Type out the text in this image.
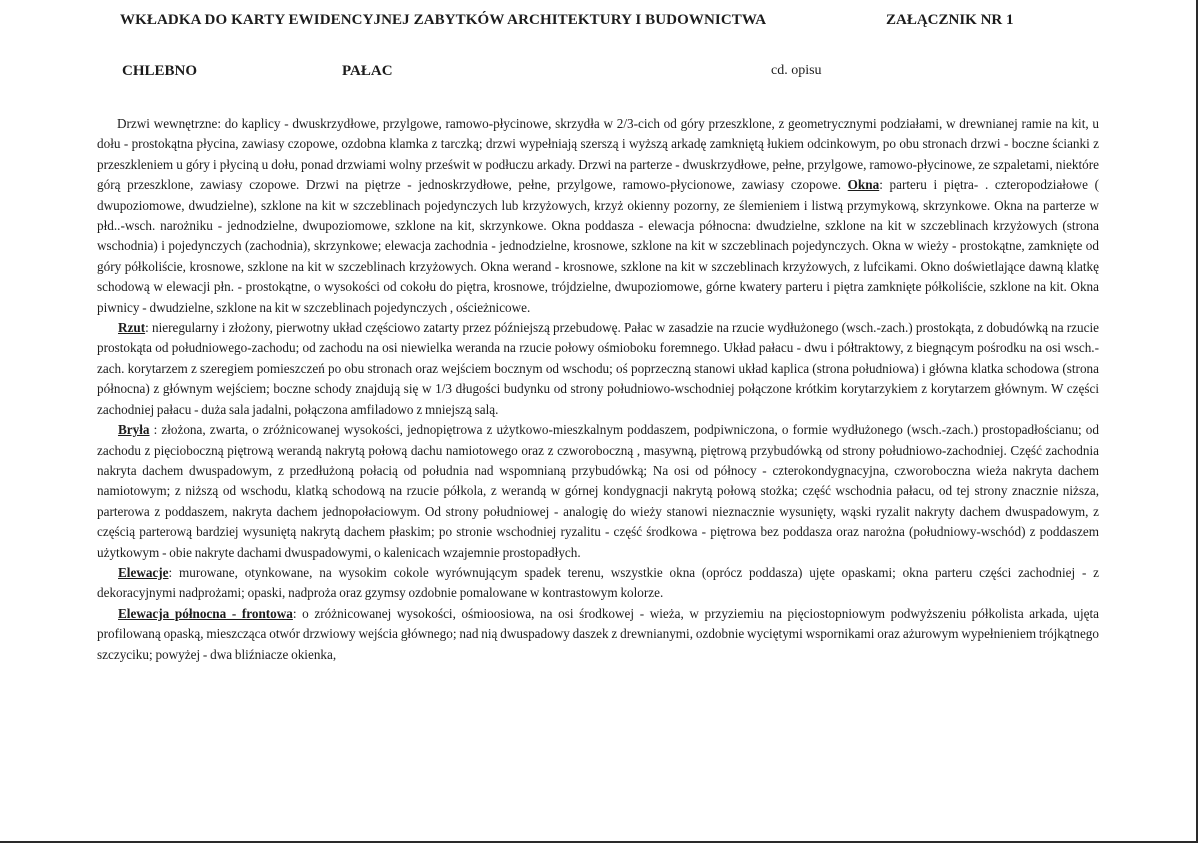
WKŁADKA DO KARTY EWIDENCYJNEJ ZABYTKÓW ARCHITEKTURY I BUDOWNICTWA	ZAŁĄCZNIK NR 1
CHLEBNO	PAŁAC	cd. opisu

Drzwi wewnętrzne: do kaplicy - dwuskrzydłowe, przylgowe, ramowo-płycinowe, skrzydła w 2/3-cich od góry przeszklone, z geometrycznymi podziałami, w drewnianej ramie na kit, u dołu - prostokątna płycina, zawiasy czopowe, ozdobna klamka z tarczką; drzwi wypełniają szerszą i wyższą arkadę zamkniętą łukiem odcinkowym, po obu stronach drzwi - boczne ścianki z przeszkleniem u góry i płyciną u dołu, ponad drzwiami wolny prześwit w podłuczu arkady. Drzwi na parterze - dwuskrzydłowe, pełne, przylgowe, ramowo-płycinowe, ze szpaletami, niektóre górą przeszklone, zawiasy czopowe. Drzwi na piętrze - jednoskrzydłowe, pełne, przylgowe, ramowo-płycionowe, zawiasy czopowe. Okna: parteru i piętra- . czteropodziałowe ( dwupoziomowe, dwudzielne), szklone na kit w szczeblinach pojedynczych lub krzyżowych, krzyż okienny pozorny, ze ślemieniem i listwą przymykową, skrzynkowe. Okna na parterze w płd..-wsch. narożniku - jednodzielne, dwupoziomowe, szklone na kit, skrzynkowe. Okna poddasza - elewacja północna: dwudzielne, szklone na kit w szczeblinach krzyżowych (strona wschodnia) i pojedynczych (zachodnia), skrzynkowe; elewacja zachodnia - jednodzielne, krosnowe, szklone na kit w szczeblinach pojedynczych. Okna w wieży - prostokątne, zamknięte od góry półkoliście, krosnowe, szklone na kit w szczeblinach krzyżowych. Okna werand - krosnowe, szklone na kit w szczeblinach krzyżowych, z lufcikami. Okno doświetlające dawną klatkę schodową w elewacji płn. - prostokątne, o wysokości od cokołu do piętra, krosnowe, trójdzielne, dwupoziomowe, górne kwatery parteru i piętra zamknięte półkoliście, szklone na kit. Okna piwnicy - dwudzielne, szklone na kit w szczeblinach pojedynczych , ościeżnicowe.

Rzut: nieregularny i złożony, pierwotny układ częściowo zatarty przez późniejszą przebudowę. Pałac w zasadzie na rzucie wydłużonego (wsch.-zach.) prostokąta, z dobudówką na rzucie prostokąta od południowego-zachodu; od zachodu na osi niewielka weranda na rzucie połowy ośmioboku foremnego. Układ pałacu - dwu i półtraktowy, z biegnącym pośrodku na osi wsch.-zach. korytarzem z szeregiem pomieszczeń po obu stronach oraz wejściem bocznym od wschodu; oś poprzeczną stanowi układ kaplica (strona południowa) i główna klatka schodowa (strona północna) z głównym wejściem; boczne schody znajdują się w 1/3 długości budynku od strony południowo-wschodniej połączone krótkim korytarzykiem z korytarzem głównym. W części zachodniej pałacu - duża sala jadalni, połączona amfiladowo z mniejszą salą.

Bryła : złożona, zwarta, o zróżnicowanej wysokości, jednopiętrowa z użytkowo-mieszkalnym poddaszem, podpiwniczona, o formie wydłużonego (wsch.-zach.) prostopadłościanu; od zachodu z pięcioboczną piętrową werandą nakrytą połową dachu namiotowego oraz z czworoboczną , masywną, piętrową przybudówką od strony południowo-zachodniej. Część zachodnia nakryta dachem dwuspadowym, z przedłużoną połacią od południa nad wspomnianą przybudówką; Na osi od północy - czterokondygnacyjna, czworoboczna wieża nakryta dachem namiotowym; z niższą od wschodu, klatką schodową na rzucie półkola, z werandą w górnej kondygnacji nakrytą połową stożka; część wschodnia pałacu, od tej strony znacznie niższa, parterowa z poddaszem, nakryta dachem jednopołaciowym. Od strony południowej - analogię do wieży stanowi nieznacznie wysunięty, wąski ryzalit nakryty dachem dwuspadowym, z częścią parterową bardziej wysuniętą nakrytą dachem płaskim; po stronie wschodniej ryzalitu - część środkowa - piętrowa bez poddasza oraz narożna (południowy-wschód) z poddaszem użytkowym - obie nakryte dachami dwuspadowymi, o kalenicach wzajemnie prostopadłych.

Elewacje: murowane, otynkowane, na wysokim cokole wyrównującym spadek terenu, wszystkie okna (oprócz poddasza) ujęte opaskami; okna parteru części zachodniej - z dekoracyjnymi nadprożami; opaski, nadproża oraz gzymsy ozdobnie pomalowane w kontrastowym kolorze.

Elewacja północna - frontowa: o zróżnicowanej wysokości, ośmioosiowa, na osi środkowej - wieża, w przyziemiu na pięciostopniowym podwyższeniu półkolista arkada, ujęta profilowaną opaską, mieszcząca otwór drzwiowy wejścia głównego; nad nią dwuspadowy daszek z drewnianymi, ozdobnie wyciętymi wspornikami oraz ażurowym wypełnieniem trójkątnego szczyciku; powyżej - dwa bliźniacze okienka,
